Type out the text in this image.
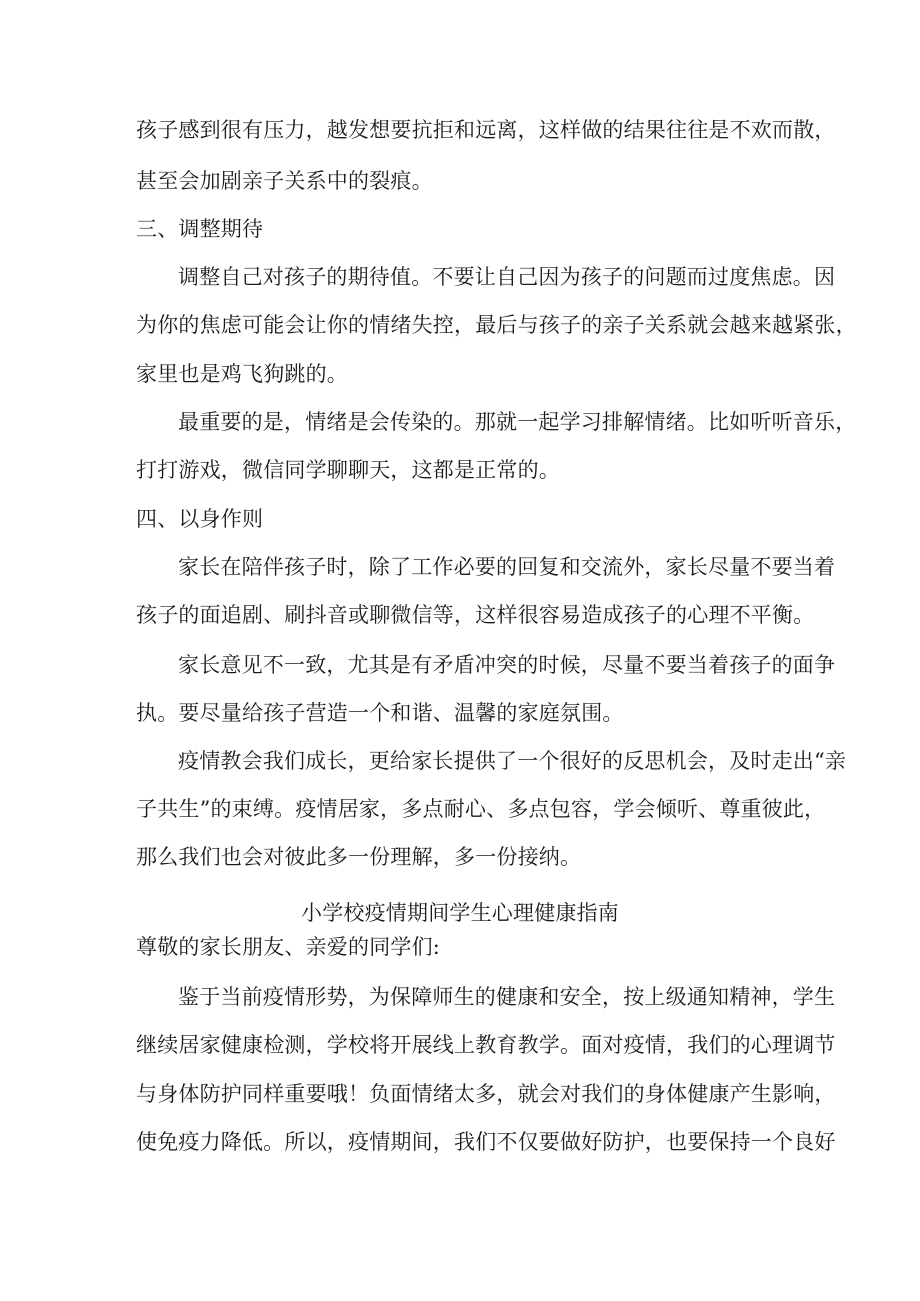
孩子感到很有压力，越发想要抗拒和远离，这样做的结果往往是不欢而散，
甚至会加剧亲子关系中的裂痕。
三、调整期待
调整自己对孩子的期待值。不要让自己因为孩子的问题而过度焦虑。因
为你的焦虑可能会让你的情绪失控，最后与孩子的亲子关系就会越来越紧张，
家里也是鸡飞狗跳的。
最重要的是，情绪是会传染的。那就一起学习排解情绪。比如听听音乐，
打打游戏，微信同学聊聊天，这都是正常的。
四、以身作则
家长在陪伴孩子时，除了工作必要的回复和交流外，家长尽量不要当着
孩子的面追剧、刷抖音或聊微信等，这样很容易造成孩子的心理不平衡。
家长意见不一致，尤其是有矛盾冲突的时候，尽量不要当着孩子的面争
执。要尽量给孩子营造一个和谐、温馨的家庭氛围。
疫情教会我们成长，更给家长提供了一个很好的反思机会，及时走出“亲
子共生”的束缚。疫情居家，多点耐心、多点包容，学会倾听、尊重彼此，
那么我们也会对彼此多一份理解，多一份接纳。
小学校疫情期间学生心理健康指南
尊敬的家长朋友、亲爱的同学们:
鉴于当前疫情形势，为保障师生的健康和安全，按上级通知精神，学生
继续居家健康检测，学校将开展线上教育教学。面对疫情，我们的心理调节
与身体防护同样重要哦！负面情绪太多，就会对我们的身体健康产生影响，
使免疫力降低。所以，疫情期间，我们不仅要做好防护，也要保持一个良好
